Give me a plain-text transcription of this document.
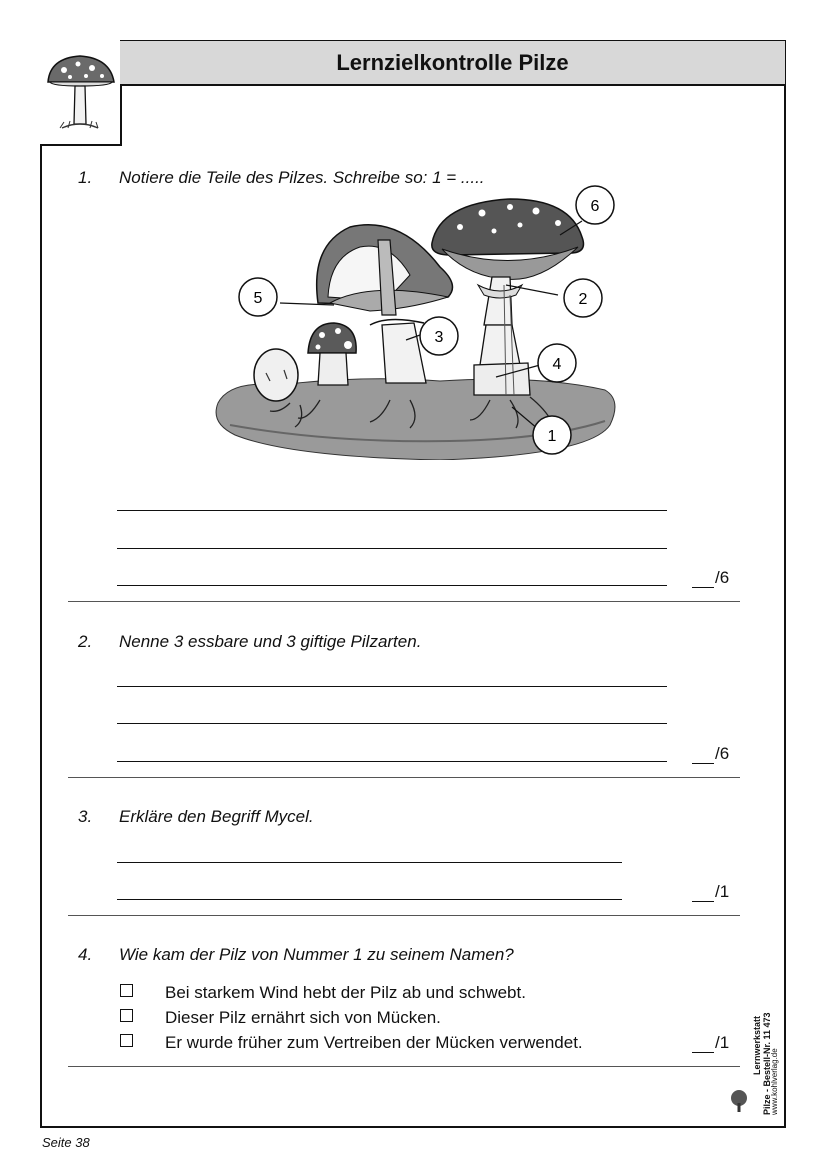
Lernzielkontrolle Pilze
1. Notiere die Teile des Pilzes. Schreibe so: 1 = .....
6
2
3
4
5
1
/6
2. Nenne 3 essbare und 3 giftige Pilzarten.
/6
3. Erkläre den Begriff Mycel.
/1
4. Wie kam der Pilz von Nummer 1 zu seinem Namen?
Bei starkem Wind hebt der Pilz ab und schwebt.
Dieser Pilz ernährt sich von Mücken.
Er wurde früher zum Vertreiben der Mücken verwendet.	/1	Lernwerkstatt Pilze - Bestell-Nr. 11 473
www.kohlverlag.de
Seite 38
